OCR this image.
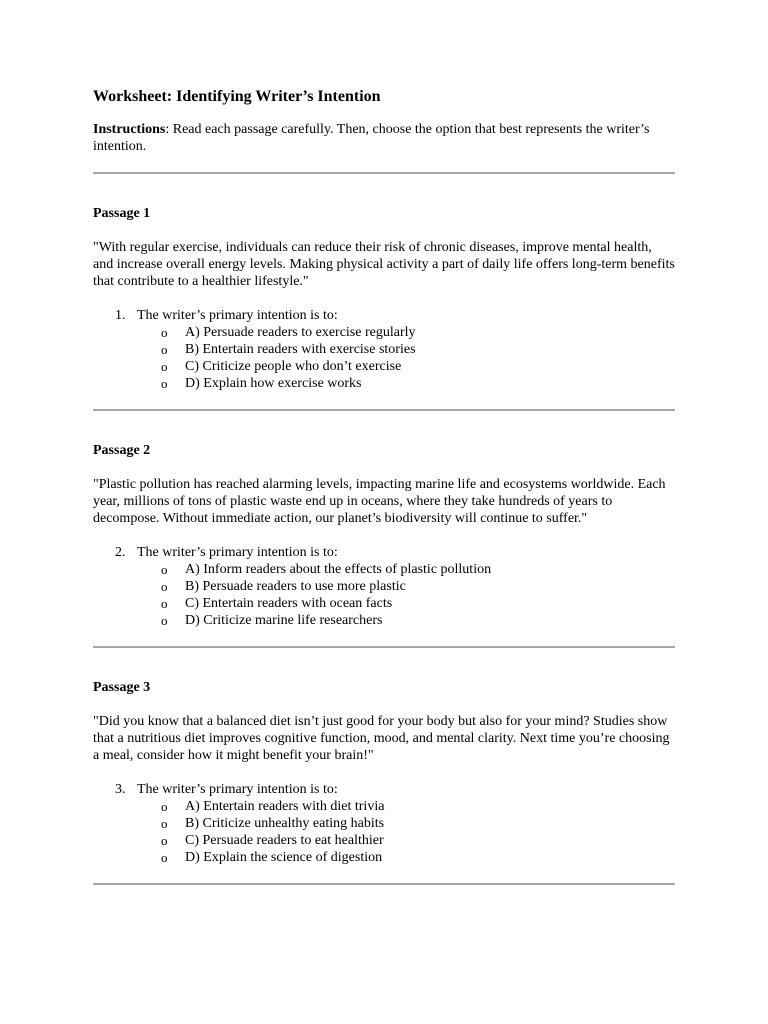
Worksheet: Identifying Writer’s Intention

Instructions: Read each passage carefully. Then, choose the option that best represents the writer’s intention.

Passage 1

"With regular exercise, individuals can reduce their risk of chronic diseases, improve mental health, and increase overall energy levels. Making physical activity a part of daily life offers long-term benefits that contribute to a healthier lifestyle."

1. The writer’s primary intention is to:

o A) Persuade readers to exercise regularly
o B) Entertain readers with exercise stories
o C) Criticize people who don’t exercise
o D) Explain how exercise works

Passage 2

"Plastic pollution has reached alarming levels, impacting marine life and ecosystems worldwide. Each year, millions of tons of plastic waste end up in oceans, where they take hundreds of years to decompose. Without immediate action, our planet’s biodiversity will continue to suffer."

2. The writer’s primary intention is to:

o A) Inform readers about the effects of plastic pollution
o B) Persuade readers to use more plastic
o C) Entertain readers with ocean facts
o D) Criticize marine life researchers

Passage 3

"Did you know that a balanced diet isn’t just good for your body but also for your mind? Studies show that a nutritious diet improves cognitive function, mood, and mental clarity. Next time you’re choosing a meal, consider how it might benefit your brain!"

3. The writer’s primary intention is to:

o A) Entertain readers with diet trivia
o B) Criticize unhealthy eating habits
o C) Persuade readers to eat healthier
o D) Explain the science of digestion
